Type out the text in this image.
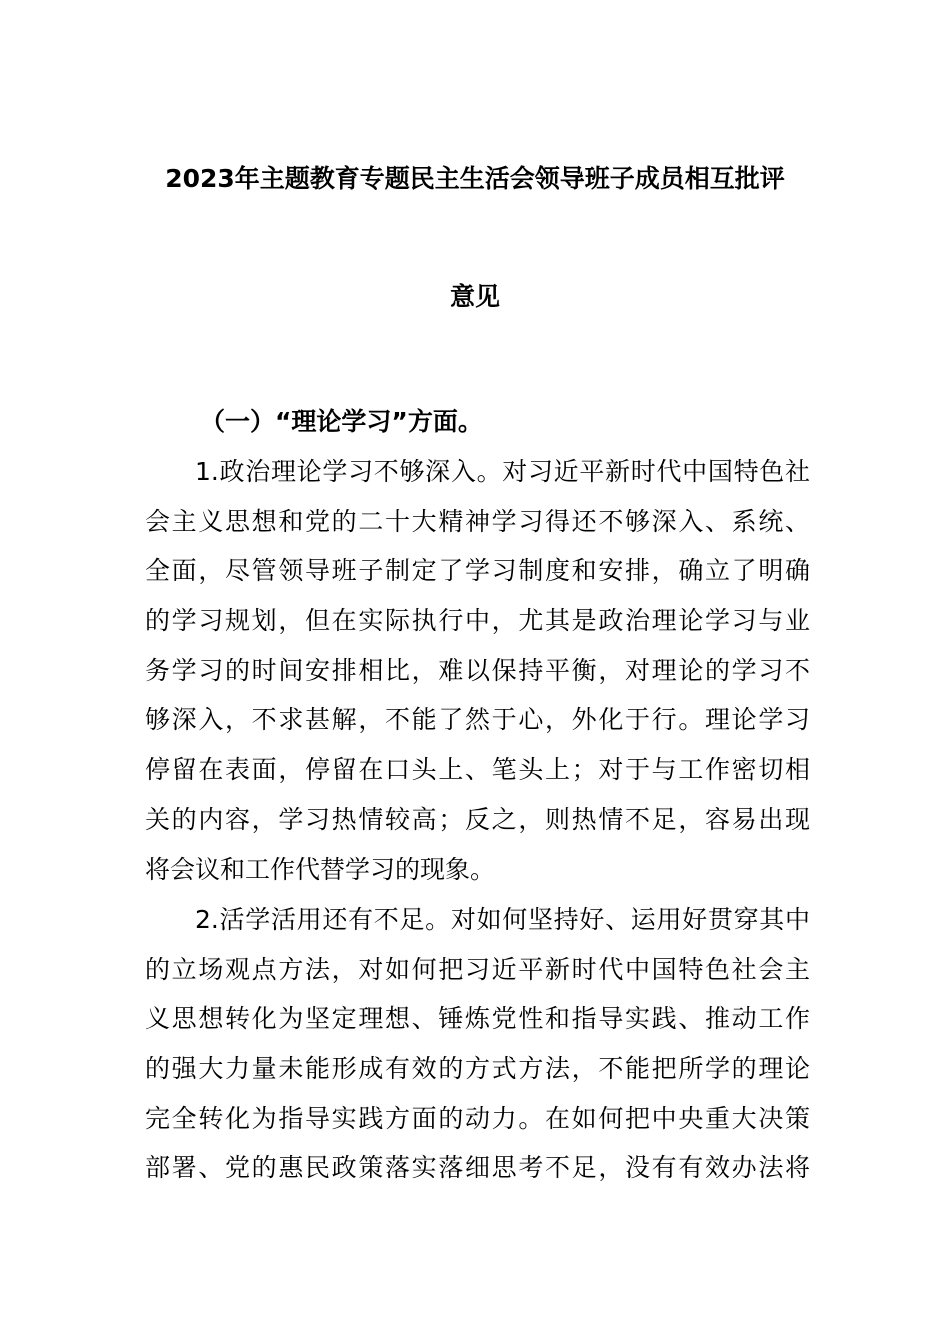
2023年主题教育专题民主生活会领导班子成员相互批评
意见
（一）“理论学习”方面。
1.政治理论学习不够深入。对习近平新时代中国特色社
会主义思想和党的二十大精神学习得还不够深入、系统、
全面，尽管领导班子制定了学习制度和安排，确立了明确
的学习规划，但在实际执行中，尤其是政治理论学习与业
务学习的时间安排相比，难以保持平衡，对理论的学习不
够深入，不求甚解，不能了然于心，外化于行。理论学习
停留在表面，停留在口头上、笔头上；对于与工作密切相
关的内容，学习热情较高；反之，则热情不足，容易出现
将会议和工作代替学习的现象。
2.活学活用还有不足。对如何坚持好、运用好贯穿其中
的立场观点方法，对如何把习近平新时代中国特色社会主
义思想转化为坚定理想、锤炼党性和指导实践、推动工作
的强大力量未能形成有效的方式方法，不能把所学的理论
完全转化为指导实践方面的动力。在如何把中央重大决策
部署、党的惠民政策落实落细思考不足，没有有效办法将
